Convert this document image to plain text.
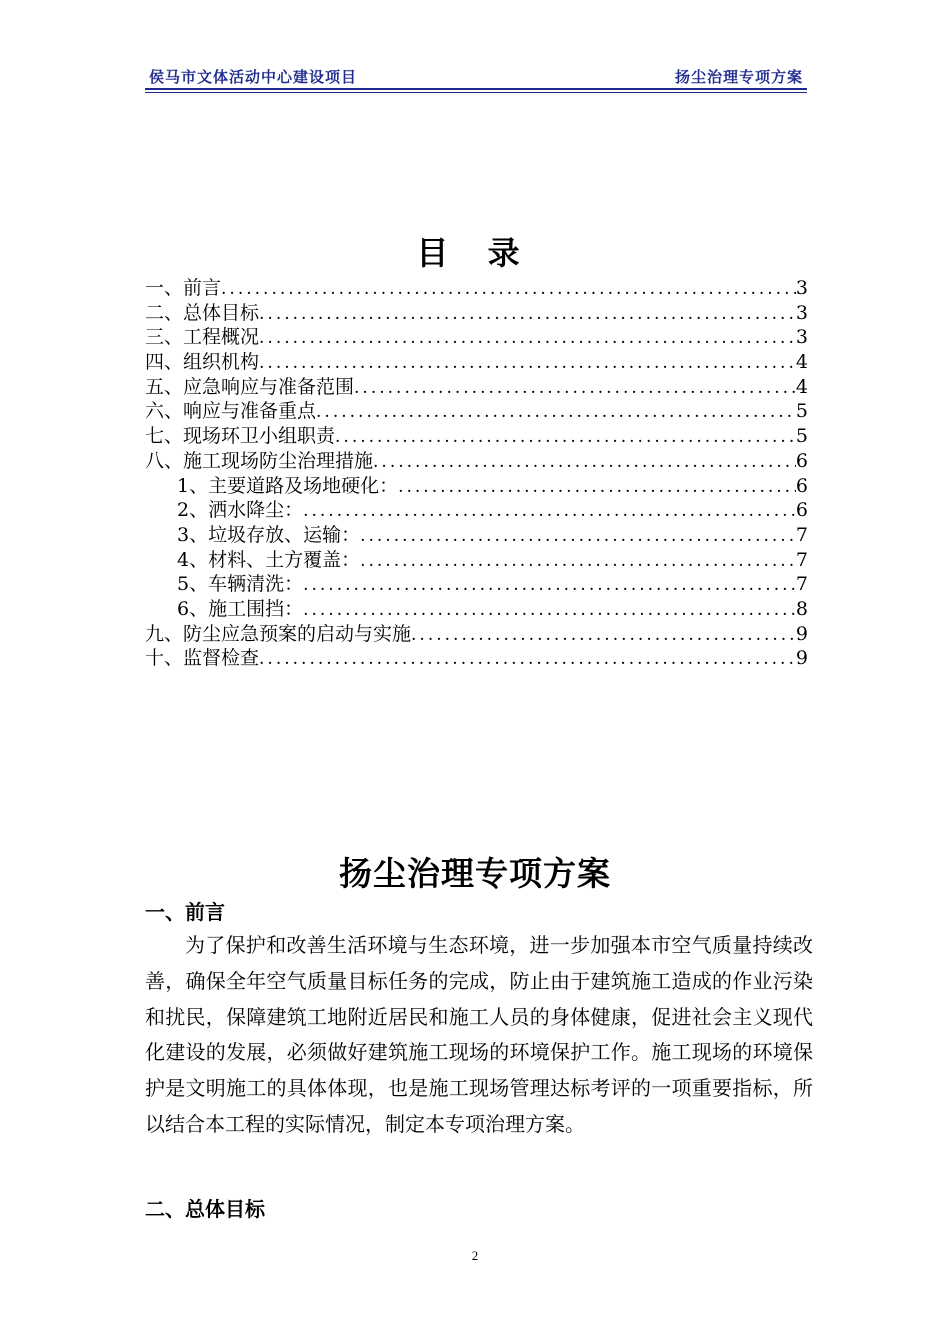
侯马市文体活动中心建设项目	扬尘治理专项方案
目 录
一、前言 .....	3
二、总体目标 .....	3
三、工程概况 .....	3
四、组织机构 .....	4
五、应急响应与准备范围 .....	4
六、响应与准备重点 .....	5
七、现场环卫小组职责 .....	5
八、施工现场防尘治理措施 .....	6
1、主要道路及场地硬化： .....	6
2、洒水降尘： .....	6
3、垃圾存放、运输： .....	7
4、材料、土方覆盖： .....	7
5、车辆清洗： .....	7
6、施工围挡： .....	8
九、防尘应急预案的启动与实施 .....	9
十、监督检查 .....	9
扬尘治理专项方案
一、前言
为了保护和改善生活环境与生态环境，进一步加强本市空气质量持续改善，确保全年空气质量目标任务的完成，防止由于建筑施工造成的作业污染和扰民，保障建筑工地附近居民和施工人员的身体健康，促进社会主义现代化建设的发展，必须做好建筑施工现场的环境保护工作。施工现场的环境保护是文明施工的具体体现，也是施工现场管理达标考评的一项重要指标，所以结合本工程的实际情况，制定本专项治理方案。
二、总体目标
2
